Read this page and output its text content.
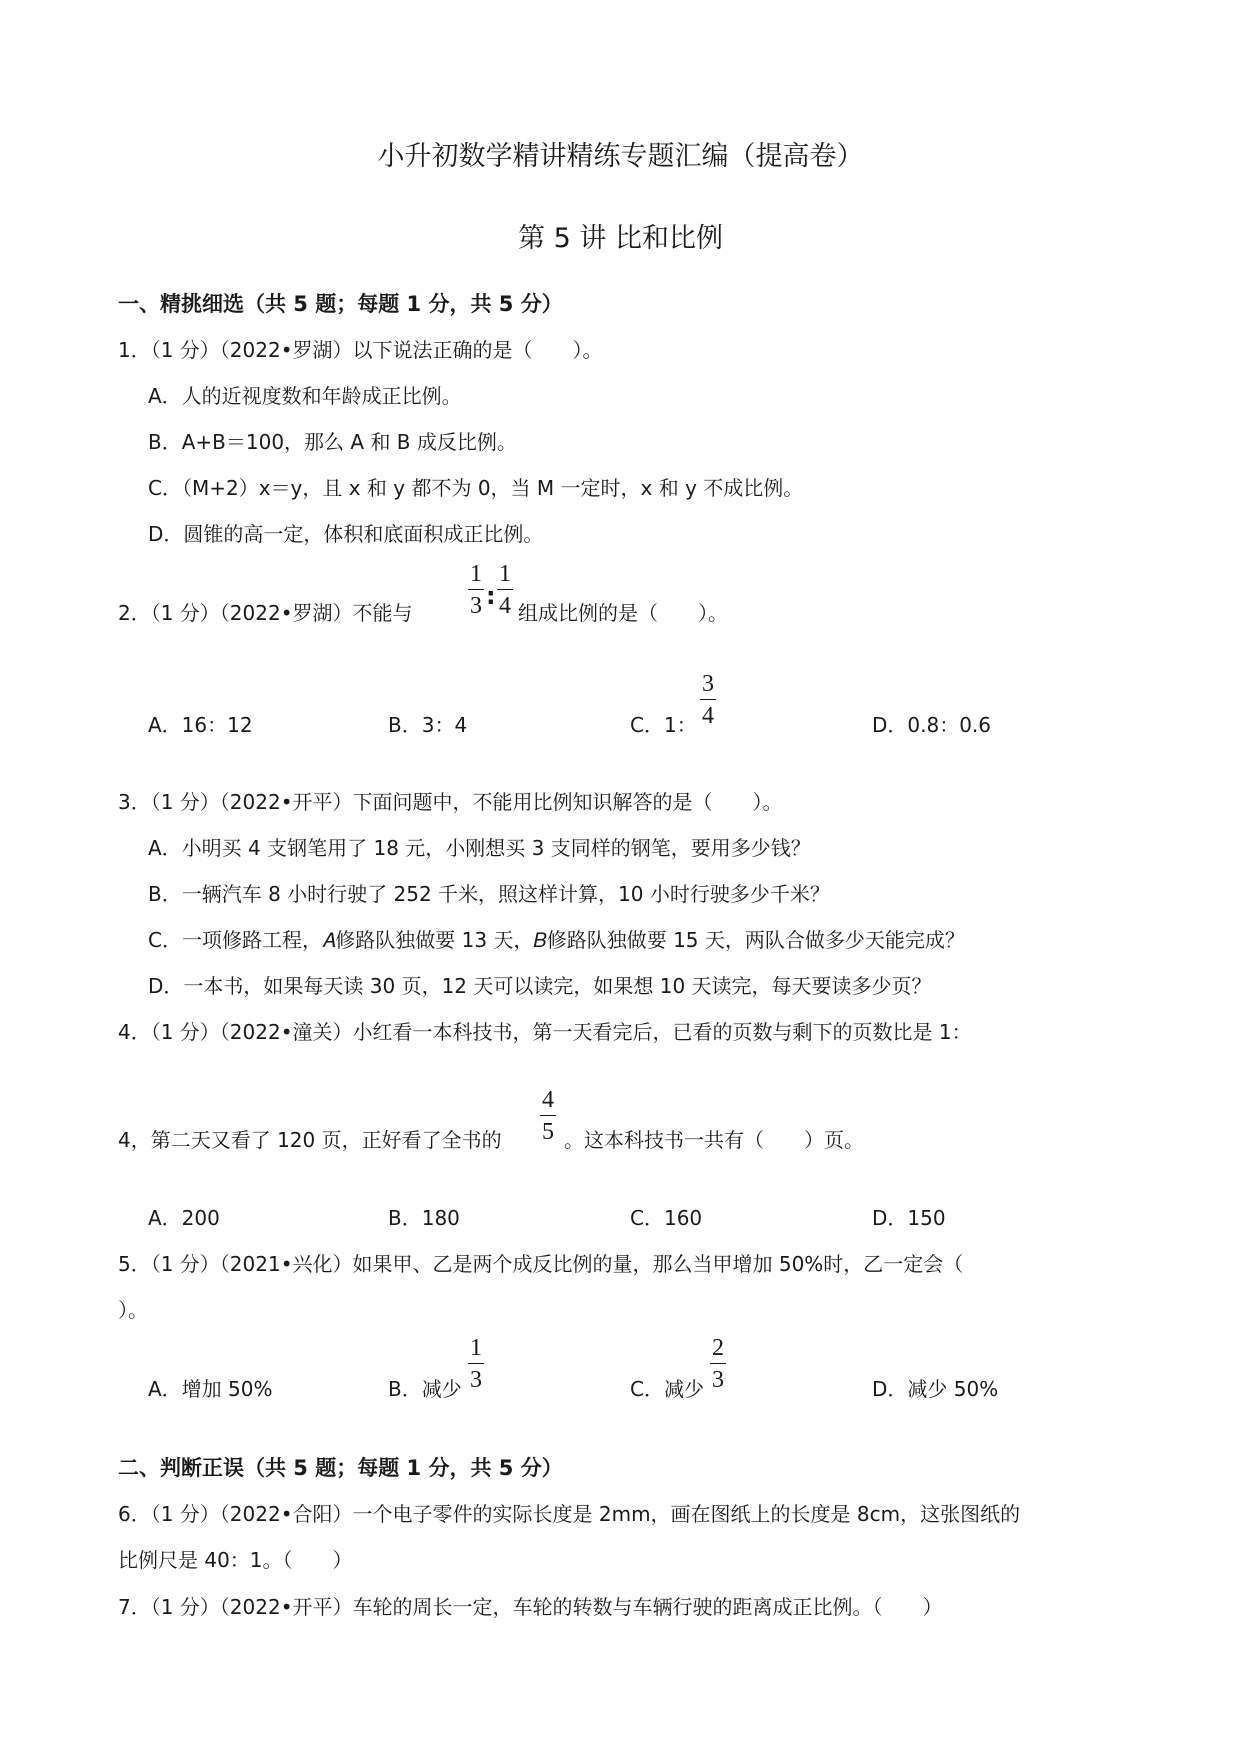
小升初数学精讲精练专题汇编（提高卷）
第 5 讲 比和比例
一、精挑细选（共 5 题；每题 1 分，共 5 分）
1．（1 分）（2022•罗湖）以下说法正确的是（　　）。
A．人的近视度数和年龄成正比例。
B．A+B＝100，那么 A 和 B 成反比例。
C．（M+2）x＝y，且 x 和 y 都不为 0，当 M 一定时，x 和 y 不成比例。
D．圆锥的高一定，体积和底面积成正比例。
2．（1 分）（2022•罗湖）不能与
1
3 :
1
4 组成比例的是（　　）。
A．16：12	B．3：4	C．1：
3
4	D．0.8：0.6
3．（1 分）（2022•开平）下面问题中，不能用比例知识解答的是（　　）。
A．小明买 4 支钢笔用了 18 元，小刚想买 3 支同样的钢笔，要用多少钱？
B．一辆汽车 8 小时行驶了 252 千米，照这样计算，10 小时行驶多少千米？
C．一项修路工程，𝐴修路队独做要 13 天，𝐵修路队独做要 15 天，两队合做多少天能完成？
D．一本书，如果每天读 30 页，12 天可以读完，如果想 10 天读完，每天要读多少页？
4．（1 分）（2022•潼关）小红看一本科技书，第一天看完后，已看的页数与剩下的页数比是 1：
4，第二天又看了 120 页，正好看了全书的
4
5 。这本科技书一共有（　　）页。
A．200	B．180	C．160	D．150
5．（1 分）（2021•兴化）如果甲、乙是两个成反比例的量，那么当甲增加 50%时，乙一定会（
）。
A．增加 50%	B．减少
1
3	C．减少
2
3	D．减少 50%
二、判断正误（共 5 题；每题 1 分，共 5 分）
6．（1 分）（2022•合阳）一个电子零件的实际长度是 2mm，画在图纸上的长度是 8cm，这张图纸的
比例尺是 40：1。（　　）
7．（1 分）（2022•开平）车轮的周长一定，车轮的转数与车辆行驶的距离成正比例。（　　）
